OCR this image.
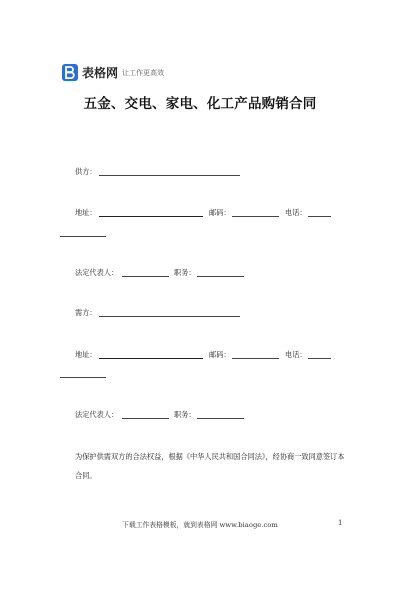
表格网 让工作更高效
五金、交电、家电、化工产品购销合同
供方：
地址：	邮码：	电话：
法定代表人：	职务：
需方：
地址：	邮码：	电话：
法定代表人：	职务：
为保护供需双方的合法权益，根据《中华人民共和国合同法》，经协商一致同意签订本合同。
下载工作表格模板，就到表格网 www.biaoge.com	1
